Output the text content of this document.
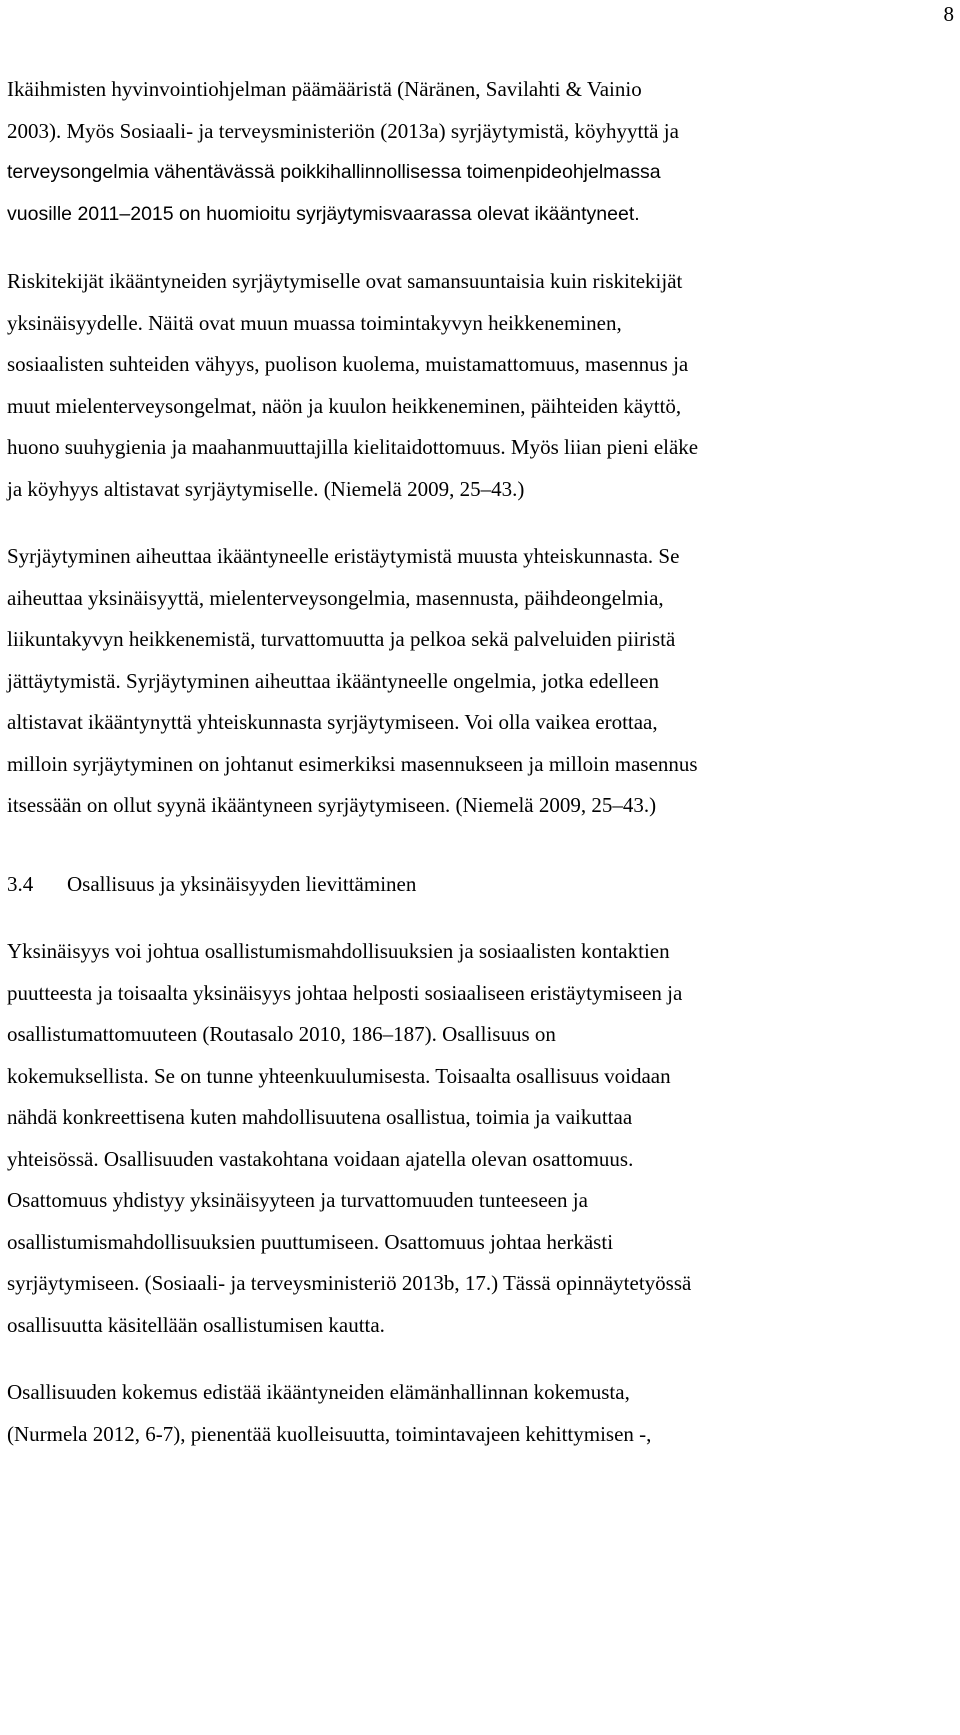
8
Ikäihmisten hyvinvointiohjelman päämääristä (Näränen, Savilahti & Vainio
2003). Myös Sosiaali- ja terveysministeriön (2013a) syrjäytymistä, köyhyyttä ja
terveysongelmia vähentävässä poikkihallinnollisessa toimenpideohjelmassa
vuosille 2011–2015 on huomioitu syrjäytymisvaarassa olevat ikääntyneet.
Riskitekijät ikääntyneiden syrjäytymiselle ovat samansuuntaisia kuin riskitekijät
yksinäisyydelle. Näitä ovat muun muassa toimintakyvyn heikkeneminen,
sosiaalisten suhteiden vähyys, puolison kuolema, muistamattomuus, masennus ja
muut mielenterveysongelmat, näön ja kuulon heikkeneminen, päihteiden käyttö,
huono suuhygienia ja maahanmuuttajilla kielitaidottomuus. Myös liian pieni eläke
ja köyhyys altistavat syrjäytymiselle. (Niemelä 2009, 25–43.)
Syrjäytyminen aiheuttaa ikääntyneelle eristäytymistä muusta yhteiskunnasta. Se
aiheuttaa yksinäisyyttä, mielenterveysongelmia, masennusta, päihdeongelmia,
liikuntakyvyn heikkenemistä, turvattomuutta ja pelkoa sekä palveluiden piiristä
jättäytymistä. Syrjäytyminen aiheuttaa ikääntyneelle ongelmia, jotka edelleen
altistavat ikääntynyttä yhteiskunnasta syrjäytymiseen. Voi olla vaikea erottaa,
milloin syrjäytyminen on johtanut esimerkiksi masennukseen ja milloin masennus
itsessään on ollut syynä ikääntyneen syrjäytymiseen. (Niemelä 2009, 25–43.)
3.4 Osallisuus ja yksinäisyyden lievittäminen
Yksinäisyys voi johtua osallistumismahdollisuuksien ja sosiaalisten kontaktien
puutteesta ja toisaalta yksinäisyys johtaa helposti sosiaaliseen eristäytymiseen ja
osallistumattomuuteen (Routasalo 2010, 186–187). Osallisuus on
kokemuksellista. Se on tunne yhteenkuulumisesta. Toisaalta osallisuus voidaan
nähdä konkreettisena kuten mahdollisuutena osallistua, toimia ja vaikuttaa
yhteisössä. Osallisuuden vastakohtana voidaan ajatella olevan osattomuus.
Osattomuus yhdistyy yksinäisyyteen ja turvattomuuden tunteeseen ja
osallistumismahdollisuuksien puuttumiseen. Osattomuus johtaa herkästi
syrjäytymiseen. (Sosiaali- ja terveysministeriö 2013b, 17.) Tässä opinnäytetyössä
osallisuutta käsitellään osallistumisen kautta.
Osallisuuden kokemus edistää ikääntyneiden elämänhallinnan kokemusta,
(Nurmela 2012, 6-7), pienentää kuolleisuutta, toimintavajeen kehittymisen -,
